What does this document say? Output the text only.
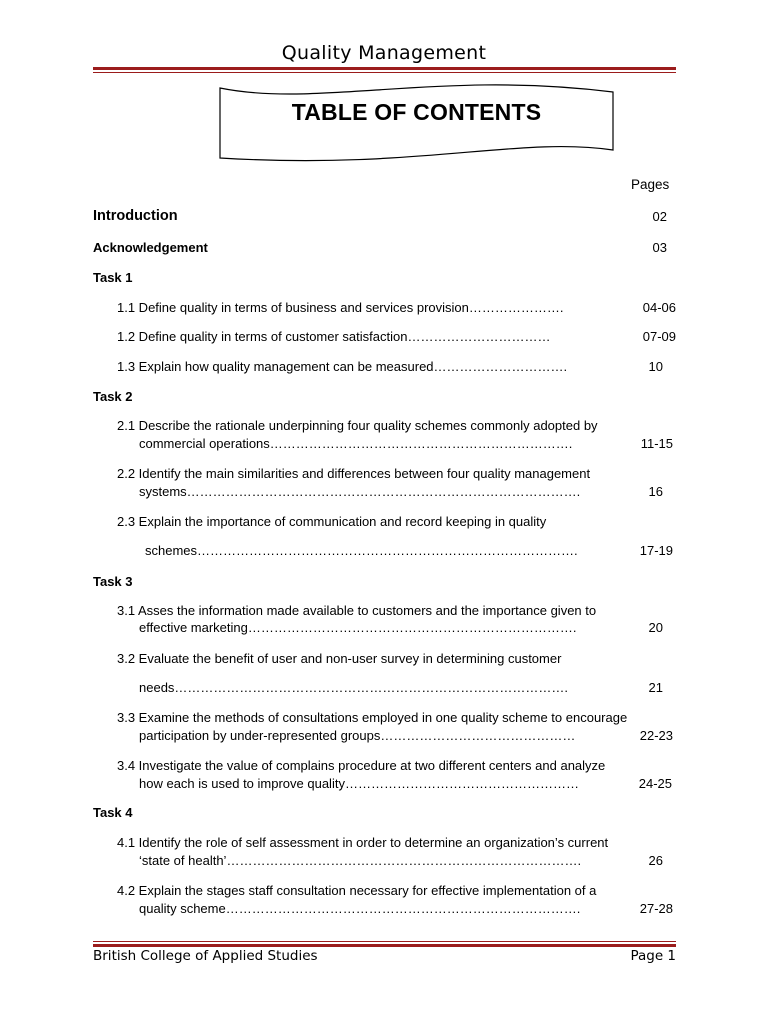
Quality Management
TABLE OF CONTENTS
Pages
Introduction	02
Acknowledgement	03
Task 1
1.1 Define quality in terms of business and services provision………………….	04-06
1.2 Define quality in terms of customer satisfaction……………………………	07-09
1.3 Explain how quality management can be measured………………………….	10
Task 2
2.1 Describe the rationale underpinning four quality schemes commonly adopted by
commercial operations…………………………………………………………….	11-15
2.2 Identify the main similarities and differences between four quality management
systems……………………………………………………………………………….	16
2.3 Explain the importance of communication and record keeping in quality
schemes…………………………………………………………………………….	17-19
Task 3
3.1 Asses the information made available to customers and the importance given to
effective marketing………………………………………………………………….	20
3.2 Evaluate the benefit of user and non-user survey in determining customer
needs……………………………………………………………………………….	21
3.3 Examine the methods of consultations employed in one quality scheme to encourage
participation by under-represented groups………………………………………	22-23
3.4 Investigate the value of complains procedure at two different centers and analyze
how each is used to improve quality………………………………………………	24-25
Task 4
4.1 Identify the role of self assessment in order to determine an organization’s current
‘state of health’……………………………………………………………………….	26
4.2 Explain the stages staff consultation necessary for effective implementation of a
quality scheme……………………………………………………………………….	27-28
British College of Applied Studies	Page 1
